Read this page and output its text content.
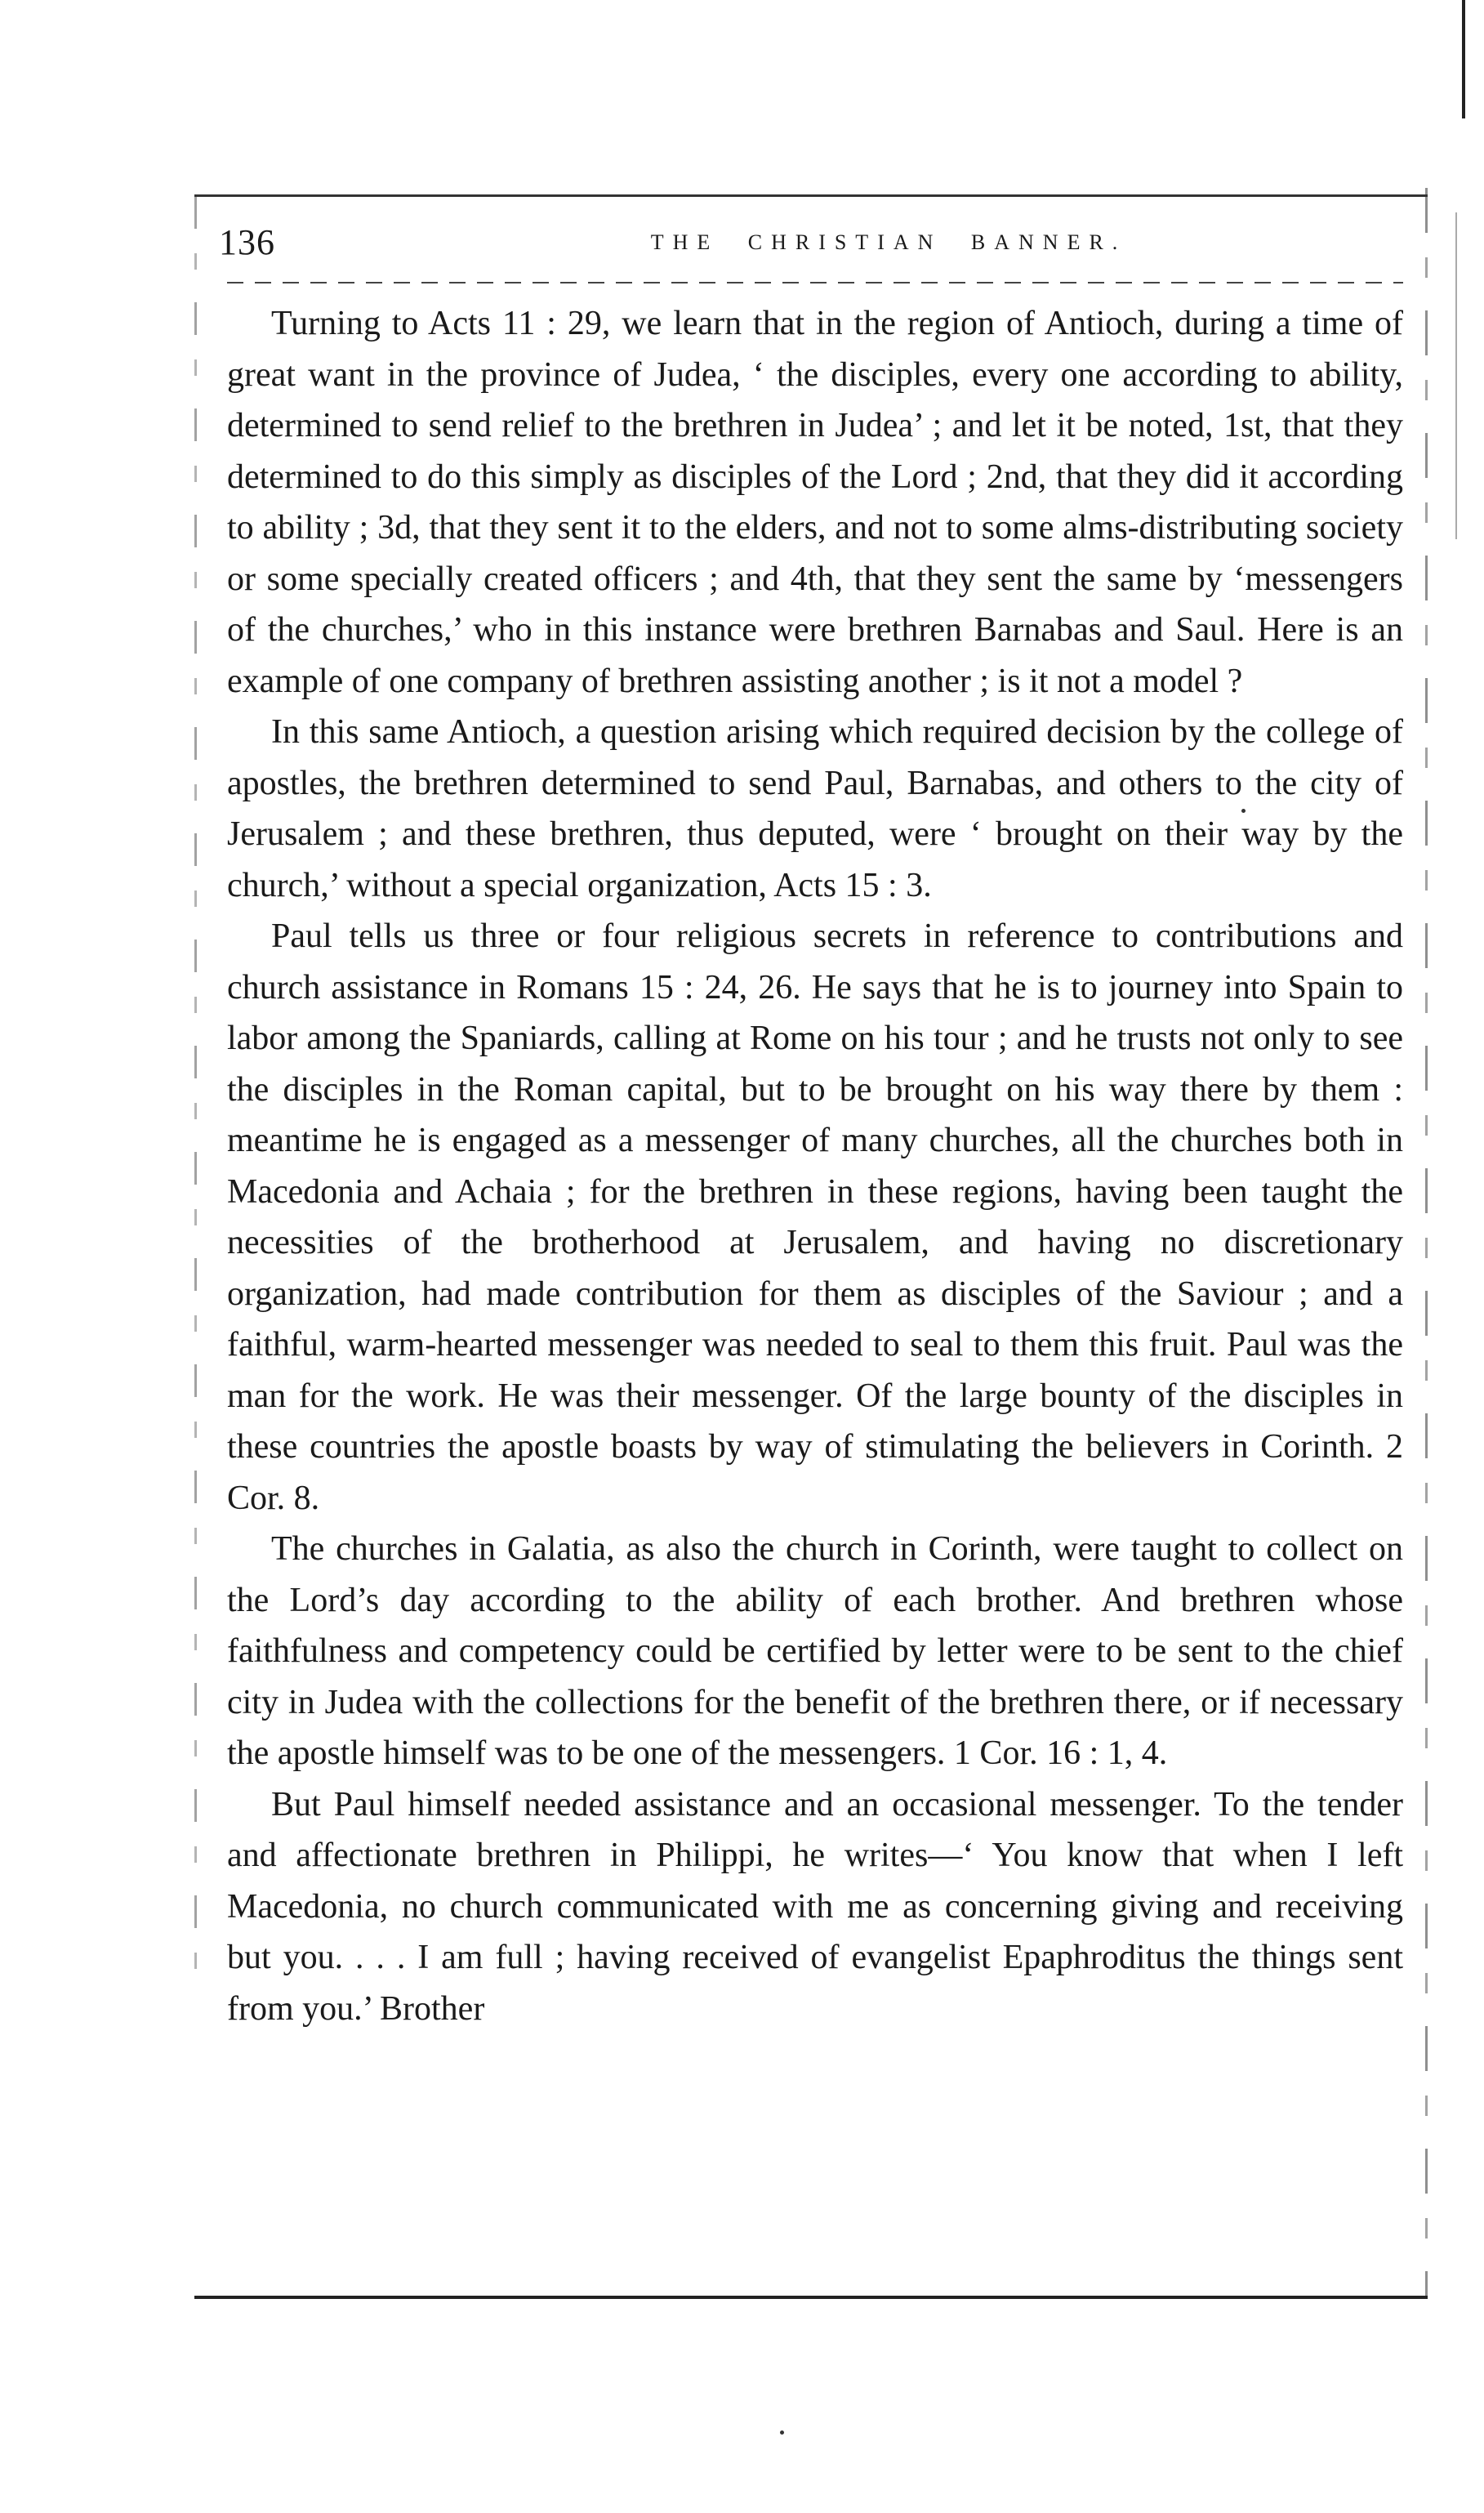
136	THE CHRISTIAN BANNER.

Turning to Acts 11 : 29, we learn that in the region of Antioch, during a time of great want in the province of Judea, ‘ the disciples, every one according to ability, determined to send relief to the brethren in Judea’ ; and let it be noted, 1st, that they determined to do this simply as disciples of the Lord ; 2nd, that they did it according to ability ; 3d, that they sent it to the elders, and not to some alms-distributing society or some specially created officers ; and 4th, that they sent the same by ‘messengers of the churches,’ who in this instance were brethren Barnabas and Saul. Here is an example of one company of brethren assisting another ; is it not a model ?

In this same Antioch, a question arising which required decision by the college of apostles, the brethren determined to send Paul, Barnabas, and others to the city of Jerusalem ; and these brethren, thus deputed, were ‘ brought on their way by the church,’ without a special organization, Acts 15 : 3.

Paul tells us three or four religious secrets in reference to contributions and church assistance in Romans 15 : 24, 26. He says that he is to journey into Spain to labor among the Spaniards, calling at Rome on his tour ; and he trusts not only to see the disciples in the Roman capital, but to be brought on his way there by them : meantime he is engaged as a messenger of many churches, all the churches both in Macedonia and Achaia ; for the brethren in these regions, having been taught the necessities of the brotherhood at Jerusalem, and having no discretionary organization, had made contribution for them as disciples of the Saviour ; and a faithful, warm-hearted messenger was needed to seal to them this fruit. Paul was the man for the work. He was their messenger. Of the large bounty of the disciples in these countries the apostle boasts by way of stimulating the believers in Corinth. 2 Cor. 8.

The churches in Galatia, as also the church in Corinth, were taught to collect on the Lord’s day according to the ability of each brother. And brethren whose faithfulness and competency could be certified by letter were to be sent to the chief city in Judea with the collections for the benefit of the brethren there, or if necessary the apostle himself was to be one of the messengers. 1 Cor. 16 : 1, 4.

But Paul himself needed assistance and an occasional messenger. To the tender and affectionate brethren in Philippi, he writes—‘ You know that when I left Macedonia, no church communicated with me as concerning giving and receiving but you. . . . I am full ; having received of evangelist Epaphroditus the things sent from you.’ Brother
